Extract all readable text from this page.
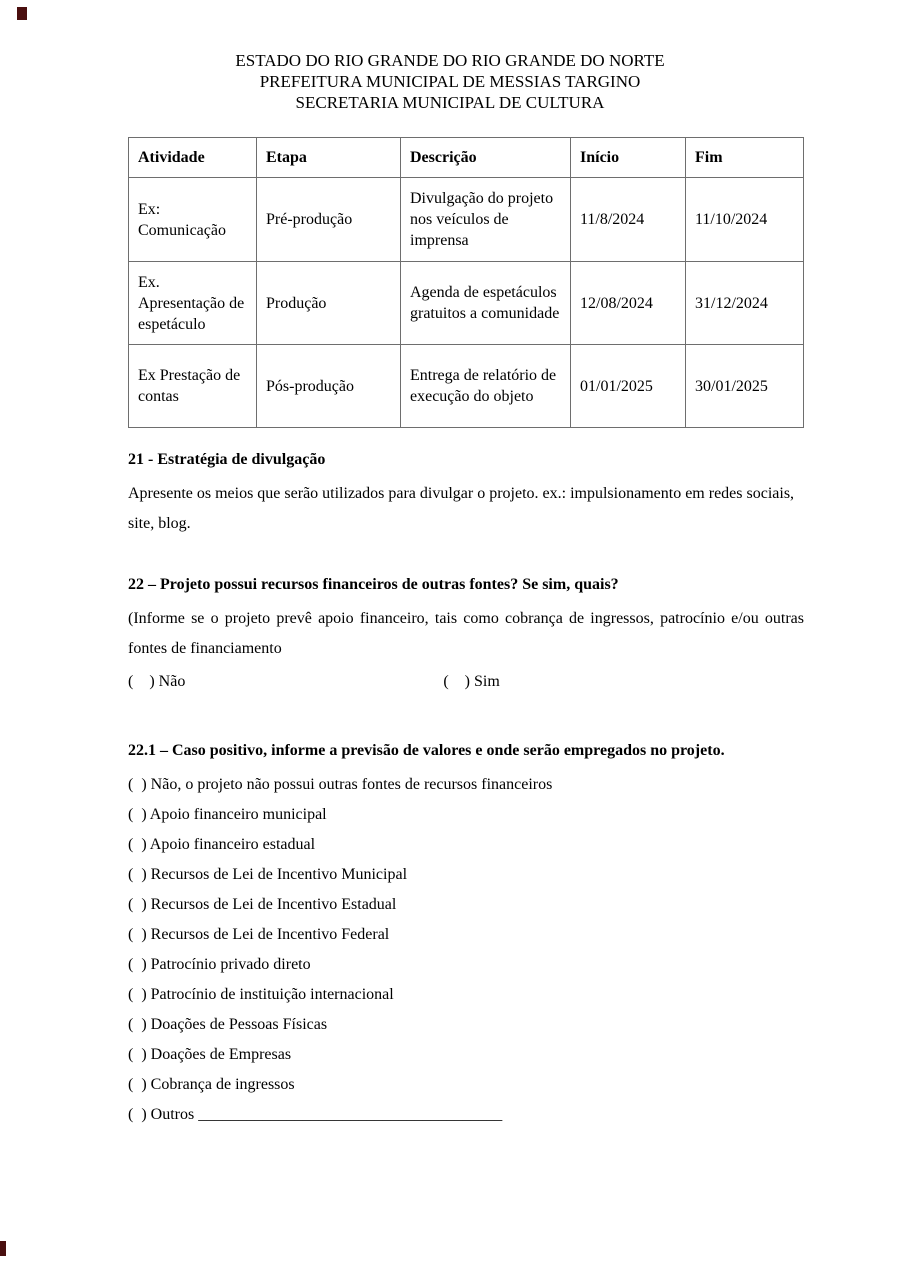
ESTADO DO RIO GRANDE DO RIO GRANDE DO NORTE
PREFEITURA MUNICIPAL DE MESSIAS TARGINO
SECRETARIA MUNICIPAL DE CULTURA
Atividade	Etapa	Descrição	Início	Fim
Ex: Comunicação	Pré-produção	Divulgação do projeto nos veículos de imprensa	11/8/2024	11/10/2024
Ex. Apresentação de espetáculo	Produção	Agenda de espetáculos gratuitos a comunidade	12/08/2024	31/12/2024
Ex Prestação de contas	Pós-produção	Entrega de relatório de execução do objeto	01/01/2025	30/01/2025
21 - Estratégia de divulgação
Apresente os meios que serão utilizados para divulgar o projeto. ex.: impulsionamento em redes sociais, site, blog.
22 – Projeto possui recursos financeiros de outras fontes? Se sim, quais?
(Informe se o projeto prevê apoio financeiro, tais como cobrança de ingressos, patrocínio e/ou outras fontes de financiamento
(    ) Não	(    ) Sim
22.1 – Caso positivo, informe a previsão de valores e onde serão empregados no projeto.
(  ) Não, o projeto não possui outras fontes de recursos financeiros
(  ) Apoio financeiro municipal
(  ) Apoio financeiro estadual
(  ) Recursos de Lei de Incentivo Municipal
(  ) Recursos de Lei de Incentivo Estadual
(  ) Recursos de Lei de Incentivo Federal
(  ) Patrocínio privado direto
(  ) Patrocínio de instituição internacional
(  ) Doações de Pessoas Físicas
(  ) Doações de Empresas
(  ) Cobrança de ingressos
(  ) Outros ______________________________________
